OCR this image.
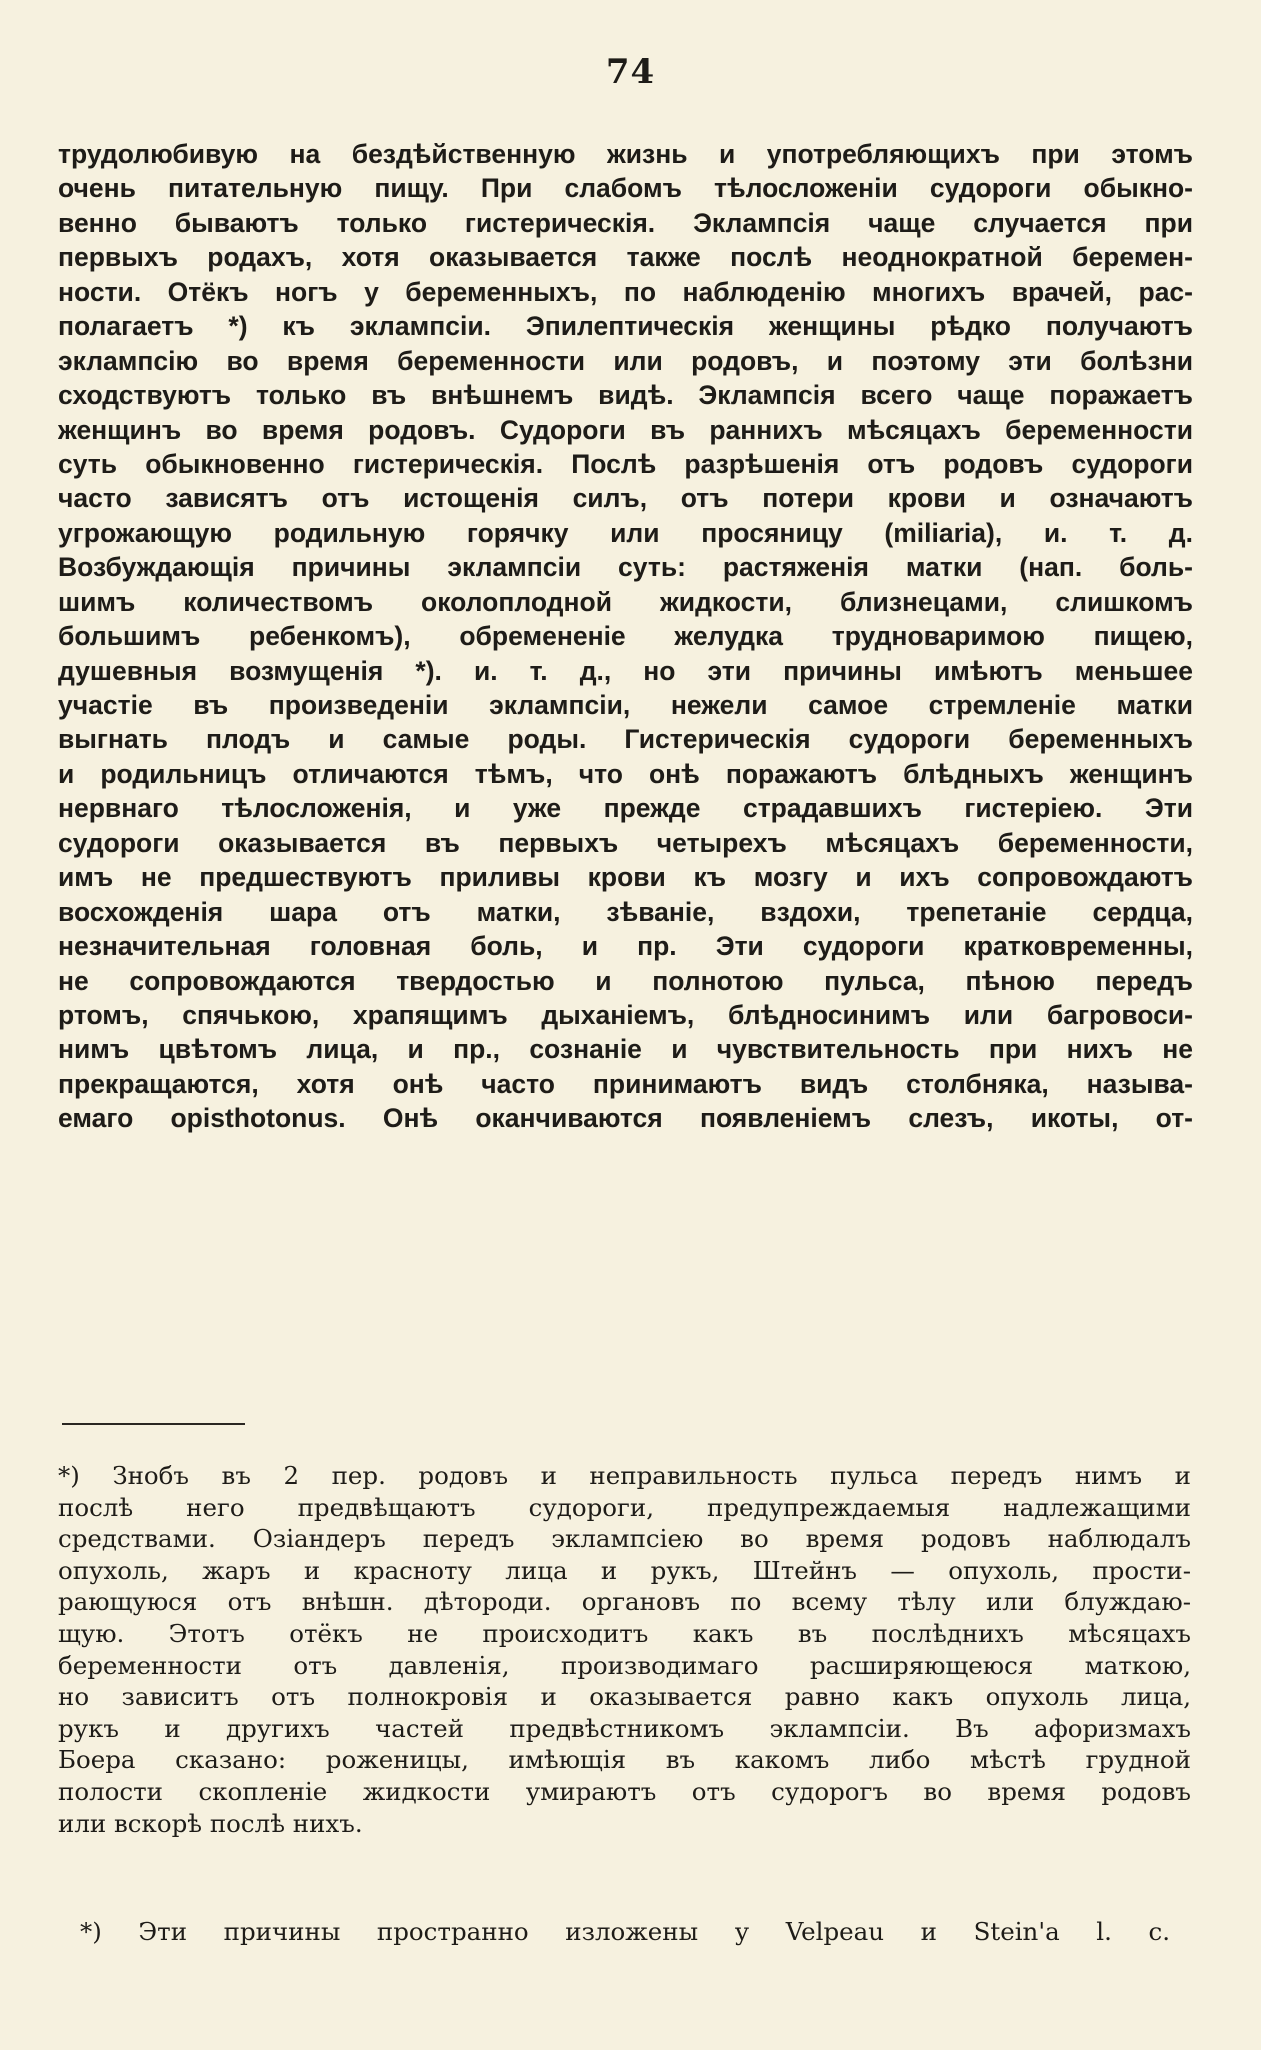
74
трудолюбивую на бездѣйственную жизнь и употребляющихъ при этомъ
очень питательную пищу. При слабомъ тѣлосложенiи судороги обыкно-
венно бываютъ только гистерическiя. Эклампсiя чаще случается при
первыхъ родахъ, хотя оказывается также послѣ неоднократной беремен-
ности. Отёкъ ногъ у беременныхъ, по наблюденiю многихъ врачей, рас-
полагаетъ *) къ эклампсiи. Эпилептическiя женщины рѣдко получаютъ
эклампсiю во время беременности или родовъ, и поэтому эти болѣзни
сходствуютъ только въ внѣшнемъ видѣ. Эклампсiя всего чаще поражаетъ
женщинъ во время родовъ. Судороги въ раннихъ мѣсяцахъ беременности
суть обыкновенно гистерическiя. Послѣ разрѣшенiя отъ родовъ судороги
часто зависятъ отъ истощенiя силъ, отъ потери крови и означаютъ
угрожающую родильную горячку или просяницу (miliaria), и. т. д.
Возбуждающiя причины эклампсiи суть: растяженiя матки (нап. боль-
шимъ количествомъ околоплодной жидкости, близнецами, слишкомъ
большимъ ребенкомъ), обремененiе желудка трудноваримою пищею,
душевныя возмущенiя *). и. т. д., но эти причины имѣютъ меньшее
участiе въ произведенiи эклампсiи, нежели самое стремленiе матки
выгнать плодъ и самые роды. Гистерическiя судороги беременныхъ
и родильницъ отличаются тѣмъ, что онѣ поражаютъ блѣдныхъ женщинъ
нервнаго тѣлосложенiя, и уже прежде страдавшихъ гистерiею. Эти
судороги оказывается въ первыхъ четырехъ мѣсяцахъ беременности,
имъ не предшествуютъ приливы крови къ мозгу и ихъ сопровождаютъ
восхожденiя шара отъ матки, зѣванiе, вздохи, трепетанiе сердца,
незначительная головная боль, и пр. Эти судороги кратковременны,
не сопровождаются твердостью и полнотою пульса, пѣною передъ
ртомъ, спячькою, храпящимъ дыханiемъ, блѣдносинимъ или багровоси-
нимъ цвѣтомъ лица, и пр., сознанiе и чувствительность при нихъ не
прекращаются, хотя онѣ часто принимаютъ видъ столбняка, называ-
емаго opisthotonus. Онѣ оканчиваются появленiемъ слезъ, икоты, от-
*) Знобъ въ 2 пер. родовъ и неправильность пульса передъ нимъ и
послѣ него предвѣщаютъ судороги, предупреждаемыя надлежащими
средствами. Озiандеръ передъ эклампсiею во время родовъ наблюдалъ
опухоль, жаръ и красноту лица и рукъ, Штейнъ — опухоль, прости-
рающуюся отъ внѣшн. дѣтороди. органовъ по всему тѣлу или блуждаю-
щую. Этотъ отёкъ не происходитъ какъ въ послѣднихъ мѣсяцахъ
беременности отъ давленiя, производимаго расширяющеюся маткою,
но зависитъ отъ полнокровiя и оказывается равно какъ опухоль лица,
рукъ и другихъ частей предвѣстникомъ эклампсiи. Въ афоризмахъ
Боера сказано: роженицы, имѣющiя въ какомъ либо мѣстѣ грудной
полости скопленiе жидкости умираютъ отъ судорогъ во время родовъ
или вскорѣ послѣ нихъ.
*) Эти причины пространно изложены у Velpeau и Stein'a l. c.
